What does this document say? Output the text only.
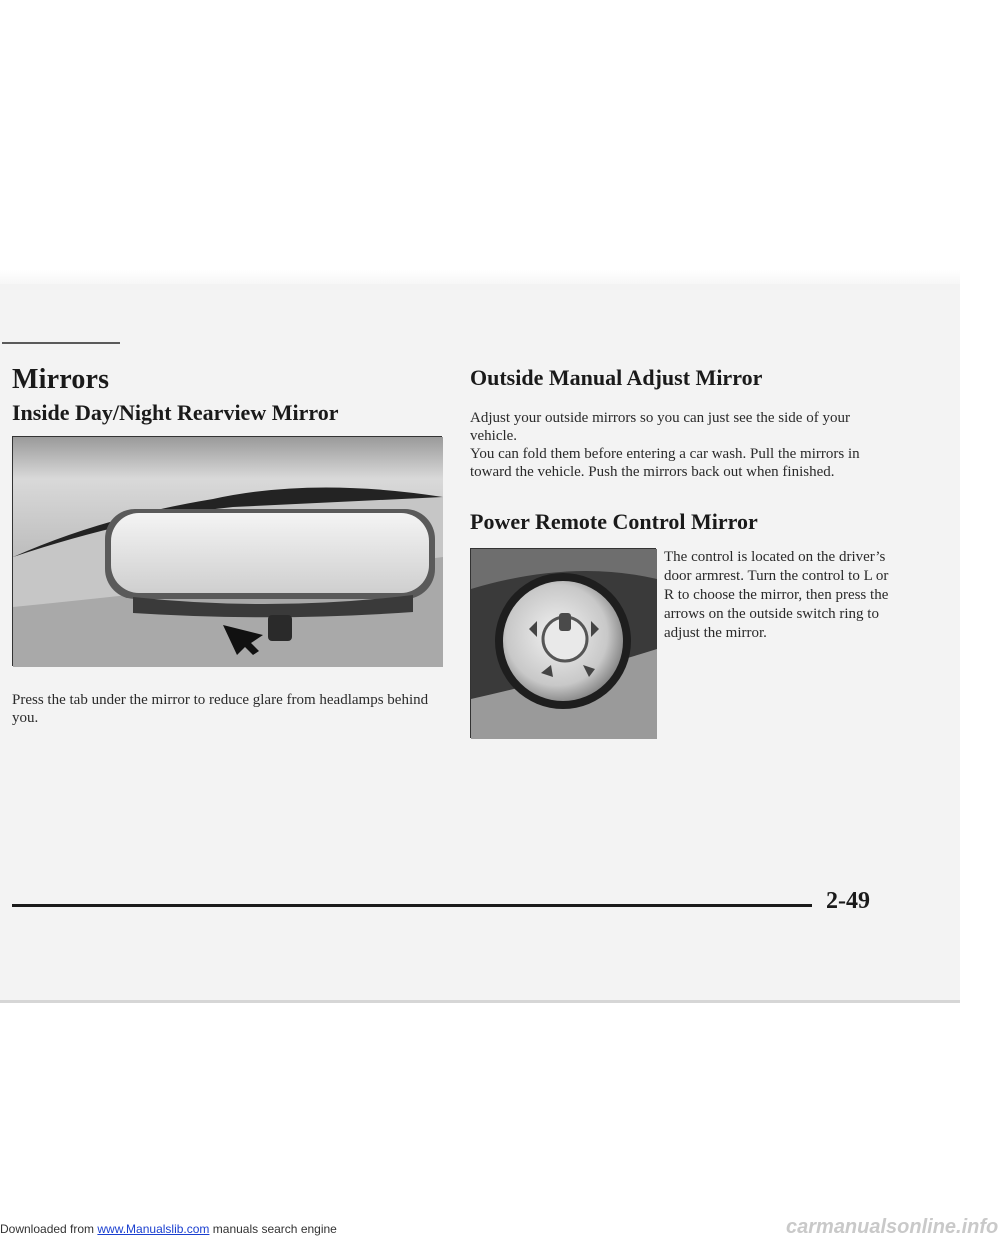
Mirrors
Inside Day/Night Rearview Mirror

Press the tab under the mirror to reduce glare from headlamps behind you.

Outside Manual Adjust Mirror

Adjust your outside mirrors so you can just see the side of your vehicle.

You can fold them before entering a car wash. Pull the mirrors in toward the vehicle. Push the mirrors back out when finished.

Power Remote Control Mirror

The control is located on the driver’s door armrest. Turn the control to L or R to choose the mirror, then press the arrows on the outside switch ring to adjust the mirror.

2-49
Downloaded from www.Manualslib.com manuals search engine	carmanualsonline.info
